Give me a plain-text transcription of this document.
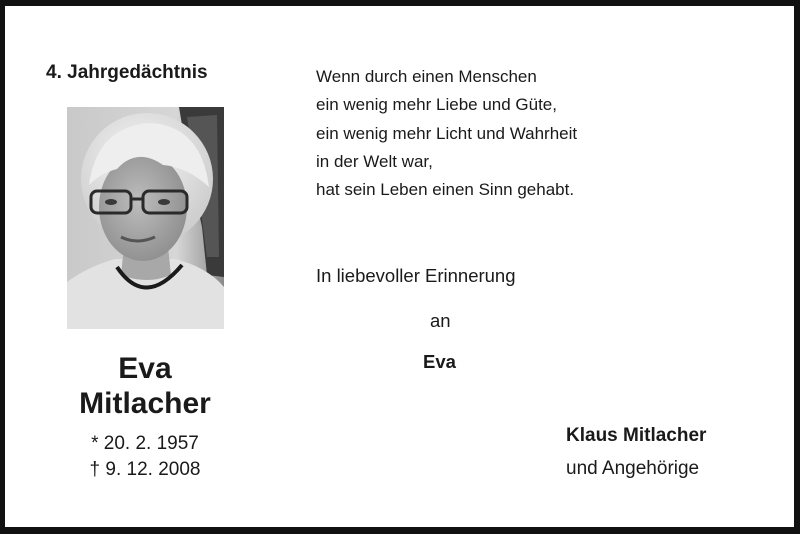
4. Jahrgedächtnis
Eva
Mitlacher
* 20. 2. 1957
† 9. 12. 2008
Wenn durch einen Menschen
ein wenig mehr Liebe und Güte,
ein wenig mehr Licht und Wahrheit
in der Welt war,
hat sein Leben einen Sinn gehabt.
In liebevoller Erinnerung
an
Eva
Klaus Mitlacher
und Angehörige
